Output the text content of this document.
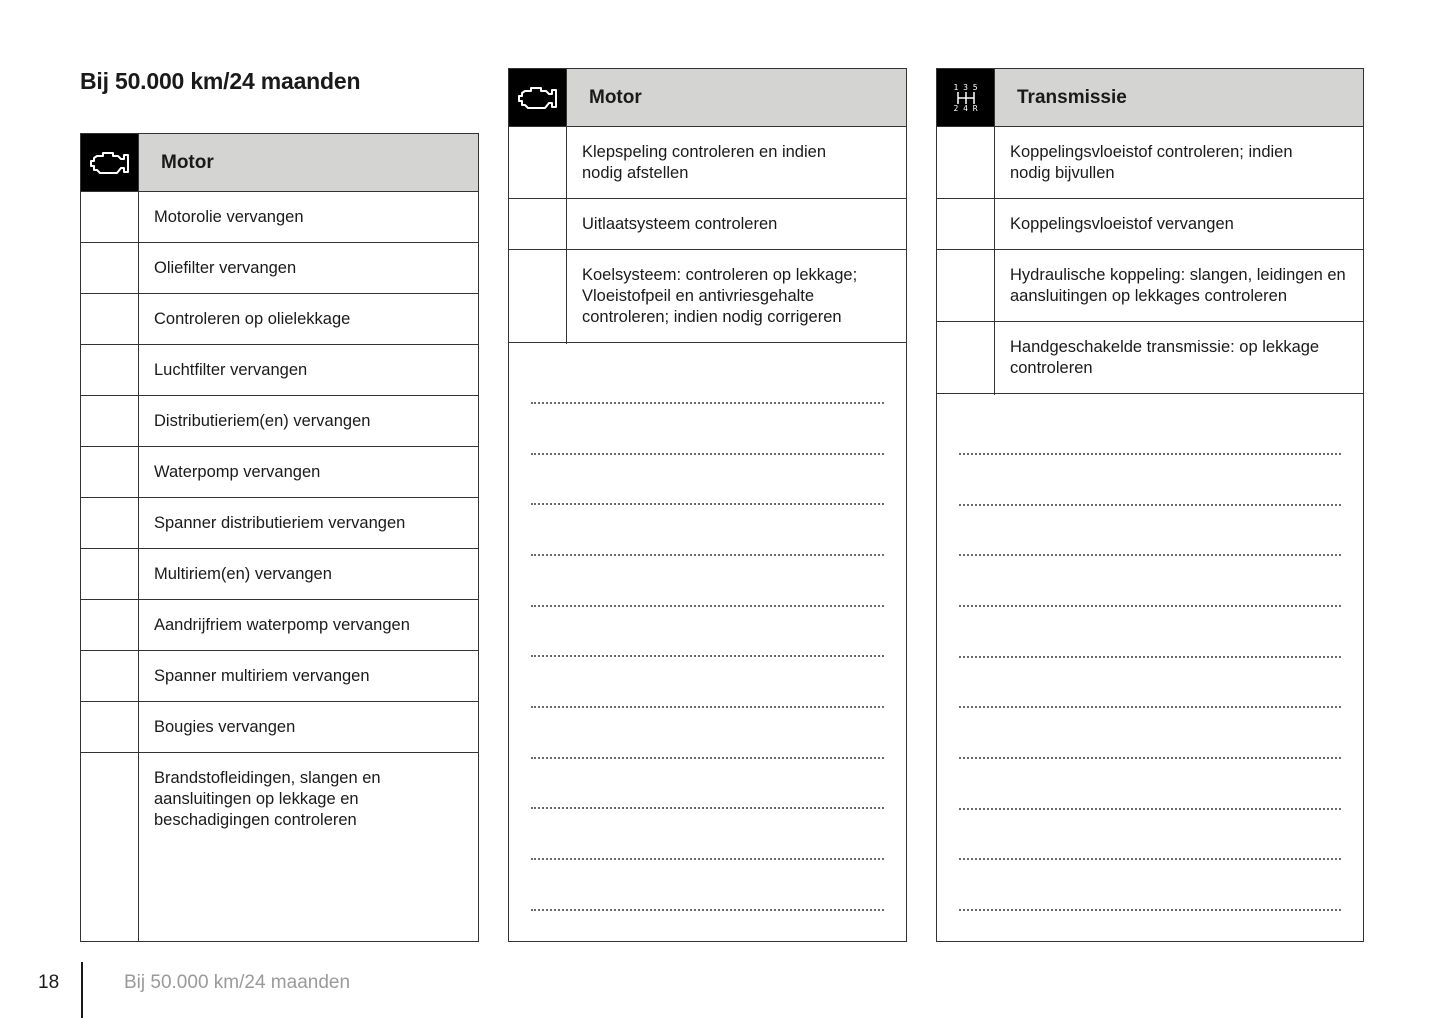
Bij 50.000 km/24 maanden
Motor
Motorolie vervangen
Oliefilter vervangen
Controleren op olielekkage
Luchtfilter vervangen
Distributieriem(en) vervangen
Waterpomp vervangen
Spanner distributieriem vervangen
Multiriem(en) vervangen
Aandrijfriem waterpomp vervangen
Spanner multiriem vervangen
Bougies vervangen
Brandstofleidingen, slangen en aansluitingen op lekkage en beschadigingen controleren
Motor
Klepspeling controleren en indien nodig afstellen
Uitlaatsysteem controleren
Koelsysteem: controleren op lekkage; Vloeistofpeil en antivriesgehalte controleren; indien nodig corrigeren
1 3 5
2 4 R
Transmissie
Koppelingsvloeistof controleren; indien nodig bijvullen
Koppelingsvloeistof vervangen
Hydraulische koppeling: slangen, leidingen en aansluitingen op lekkages controleren
Handgeschakelde transmissie: op lekkage controleren
18	Bij 50.000 km/24 maanden
